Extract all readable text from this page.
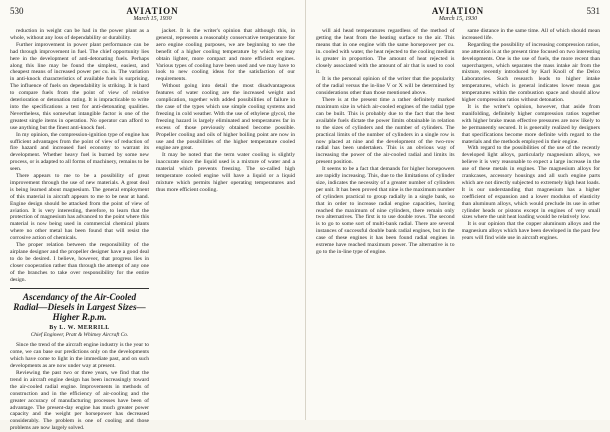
530	AVIATION
March 15, 1930

reduction in weight can be had in the power plant as a whole, without any loss of dependability or durability.

Further improvement in power plant performance can be had through improvement in fuel. The chief opportunity lies here in the development of anti-detonating fuels. Perhaps along this line may be found the simplest, easiest, and cheapest means of increased power per cu. in. The variation in anti-knock characteristics of available fuels is surprising. The influence of fuels on dependability is striking. It is hard to compare fuels from the point of view of relative deterioration or detonation rating. It is impracticable to write into the specifications a test for anti-detonating qualities. Nevertheless, this somewhat intangible factor is one of the greatest single items in operation. No operator can afford to use anything but the finest anti-knock fuel.

In my opinion, the compression-ignition type of engine has sufficient advantages from the point of view of reduction of fire hazard and increased fuel economy to warrant its development. Whether heavy fuel is burned by some new process, or is adapted to all forms of machinery, remains to be seen.

There appears to me to be a possibility of great improvement through the use of new materials. A great deal is being learned about magnesium. The general employment of this material in aircraft appears to me to be near at hand. Engine design should be attacked from the point of view of aviation. It is very interesting, therefore, to learn that the protection of magnesium has advanced to the point where this material is now being used in commercial chemical plants where no other metal has been found that will resist the corrosive action of chemicals.

The proper relation between the responsibility of the airplane designer and the propeller designer have a good deal to do be desired. I believe, however, that progress lies in closer cooperation rather than through the attempt of any one of the branches to take over responsibility for the entire design.

Ascendancy of the Air-Cooled Radial—Diesels in Largest Sizes—Higher R.p.m.
By L. W. MERRILL
Chief Engineer, Pratt & Whitney Aircraft Co.

Since the trend of the aircraft engine industry is the year to come, we can base our predictions only on the developments which have come to light in the immediate past, and on such developments as are now under way at present.

Reviewing the past two or three years, we find that the trend in aircraft engine design has been increasingly toward the air-cooled radial engine. Improvements in methods of construction and in the efficiency of air-cooling and the greater accuracy of manufacturing processes have been of advantage. The present-day engine has much greater power capacity and the weight per horsepower has decreased considerably. The problem is one of cooling and those problems are now largely solved.

jacket. It is the writer's opinion that although this, in general, represents a reasonably conservative temperature for aero engine cooling purposes, we are beginning to see the benefit of a higher cooling temperature by which we may obtain lighter, more compact and more efficient engines. Various types of cooling have been used and we may have to look to new cooling ideas for the satisfaction of our requirements.

Without going into detail the most disadvantageous features of water cooling are the increased weight and complication, together with added possibilities of failure in the case of the types which use simple cooling systems and freezing in cold weather. With the use of ethylene glycol, the freezing hazard is largely eliminated and temperatures far in excess of those previously obtained become possible. Propeller cooling and oils of higher boiling point are now in use and the possibilities of the higher temperature cooled engine are great.

It may be noted that the term water cooling is slightly inaccurate since the liquid used is a mixture of water and a material which prevents freezing. The so-called high temperature cooled engine will have a liquid or a liquid mixture which permits higher operating temperatures and thus more efficient cooling.

531
AVIATION
March 15, 1930

will aid head temperatures regardless of the method of getting the heat from the heating surface to the air. This means that in one engine with the same horsepower per cu. in. cooled with water, the heat rejected to the cooling medium is greater in proportion. The amount of heat rejected is closely associated with the amount of air that is used to cool it.

It is the personal opinion of the writer that the popularity of the radial versus the in-line V or X will be determined by considerations other than those mentioned above.

There is at the present time a rather definitely marked maximum size in which air-cooled engines of the radial type can be built. This is probably due to the fact that the best available fuels dictate the power limits obtainable in relation to the sizes of cylinders and the number of cylinders. The practical limits of the number of cylinders in a single row is now placed at nine and the development of the two-row radial has been undertaken. This is an obvious way of increasing the power of the air-cooled radial and limits its present position.

It seems to be a fact that demands for higher horsepowers are rapidly increasing. This, due to the limitations of cylinder size, indicates the necessity of a greater number of cylinders per unit. It has been proved that nine is the maximum number of cylinders practical to group radially in a single bank, so that in order to increase radial engine capacities, having reached the maximum of nine cylinders, there remain only two alternatives. The first is to use double rows. The second is to go to some sort of multi-bank radial. There are several instances of successful double bank radial engines, but in the case of these engines it has been found radial engines in extreme have reached maximum power. The alternative is to go to the in-line type of engine.

same distance in the same time. All of which should mean increased life.

Regarding the possibility of increasing compression ratios, one attention is at the present time focused on two interesting developments. One is the use of fuels, the more recent than superchargers, which separates the mass intake air from the mixture, recently introduced by Karl Knoll of the Delco Laboratories. Such research leads to higher intake temperatures, which is general indicates lower mean gas temperatures within the combustion space and should allow higher compression ratios without detonation.

It is the writer's opinion, however, that aside from manifolding, definitely higher compression ratios together with higher brake mean effective pressures are now likely to be permanently secured. It is generally realized by designers that specifications become more definite with regard to the materials and the methods employed in their engine.

With regard to the possibilities of the use of the recently developed light alloys, particularly magnesium alloys, we believe it is very reasonable to expect a large increase in the use of these metals in engines. The magnesium alloys for crankcases, accessory housings and all such engine parts which are not directly subjected to extremely high heat loads. It is our understanding that magnesium has a higher coefficient of expansion and a lower modulus of elasticity than aluminum alloys, which would preclude its use in other cylinder heads or pistons except in engines of very small sizes where the unit heat loading would be relatively low.

It is our opinion that the copper aluminum alloys and the magnesium alloys which have been developed in the past few years will find wide use in aircraft engines.
